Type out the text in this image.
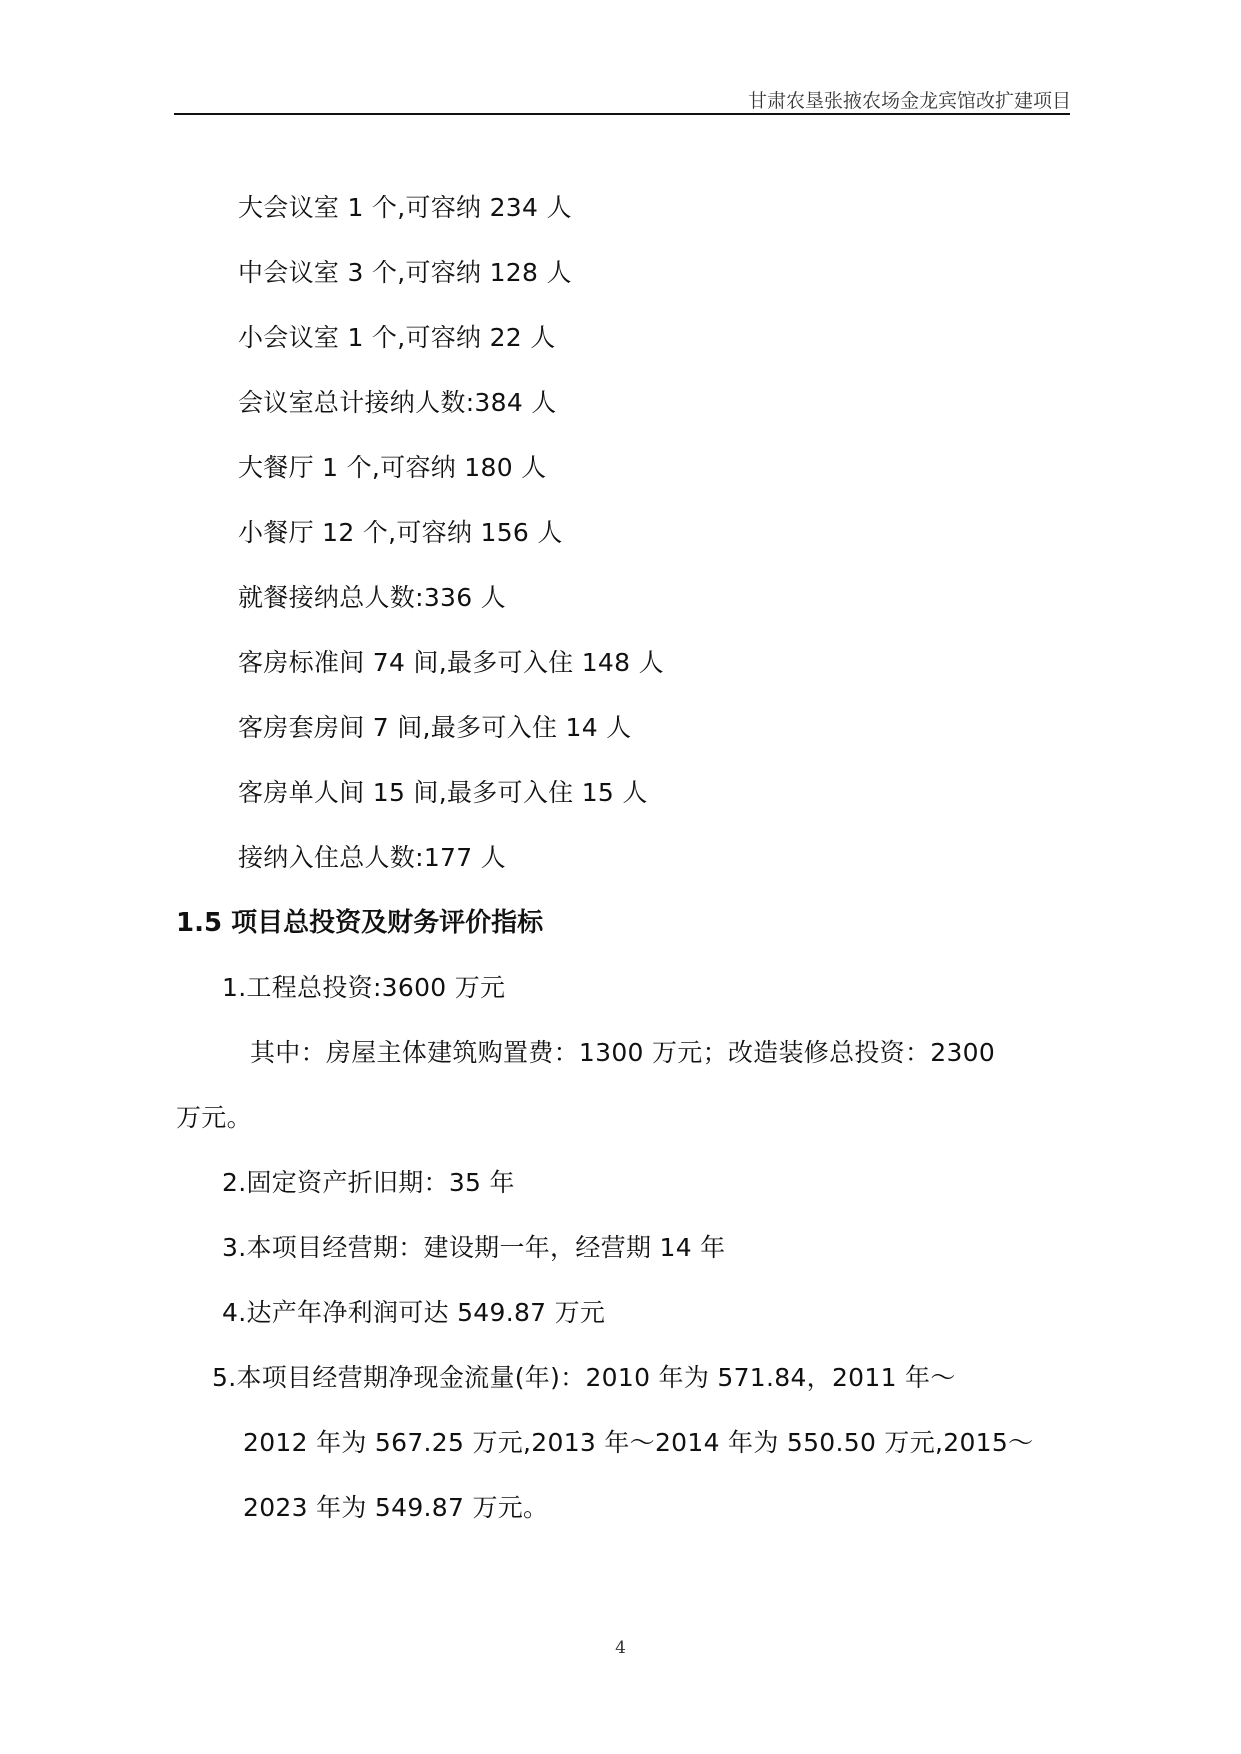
甘肃农垦张掖农场金龙宾馆改扩建项目
大会议室 1 个,可容纳 234 人
中会议室 3 个,可容纳 128 人
小会议室 1 个,可容纳 22 人
会议室总计接纳人数:384 人
大餐厅 1 个,可容纳 180 人
小餐厅 12 个,可容纳 156 人
就餐接纳总人数:336 人
客房标准间 74 间,最多可入住 148 人
客房套房间 7 间,最多可入住 14 人
客房单人间 15 间,最多可入住 15 人
接纳入住总人数:177 人
1.5 项目总投资及财务评价指标
1.工程总投资:3600 万元
其中：房屋主体建筑购置费：1300 万元；改造装修总投资：2300
万元。
2.固定资产折旧期：35 年
3.本项目经营期：建设期一年，经营期 14 年
4.达产年净利润可达 549.87 万元
5.本项目经营期净现金流量(年)：2010 年为 571.84，2011 年～
2012 年为 567.25 万元,2013 年～2014 年为 550.50 万元,2015～
2023 年为 549.87 万元。
4
